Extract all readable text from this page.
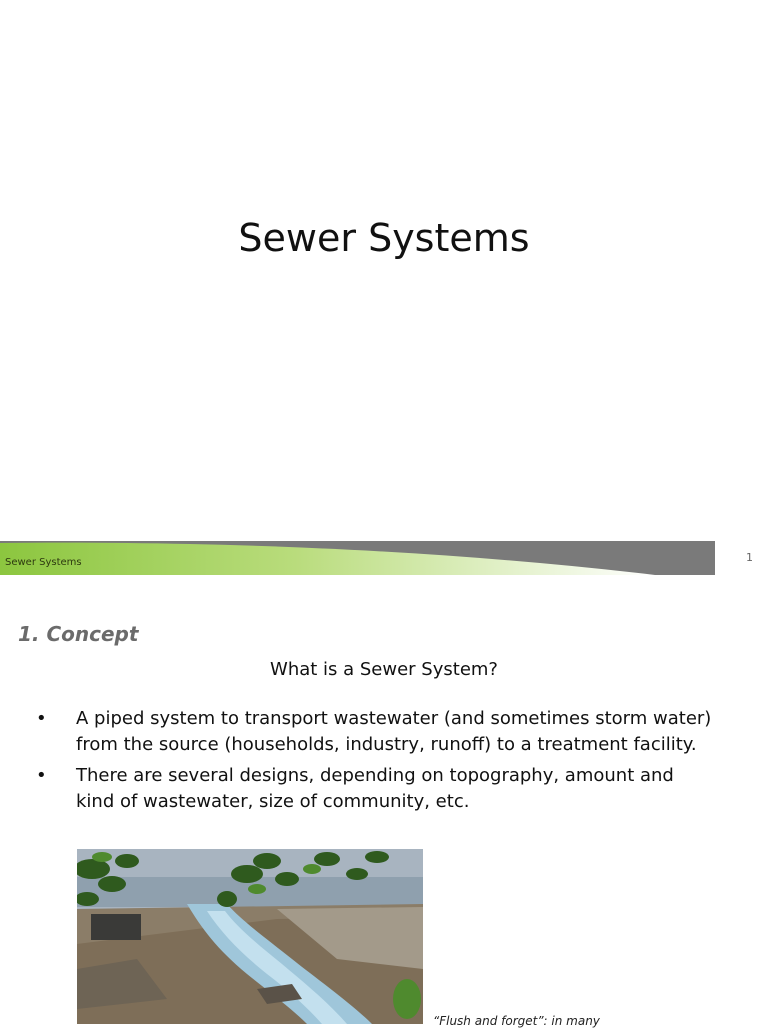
Sewer Systems
Sewer Systems	1
1. Concept
What is a Sewer System?
• A piped system to transport wastewater (and sometimes storm water) from the source (households, industry, runoff) to a treatment facility.
• There are several designs, depending on topography, amount and kind of wastewater, size of community, etc.
“Flush and forget”: in many
